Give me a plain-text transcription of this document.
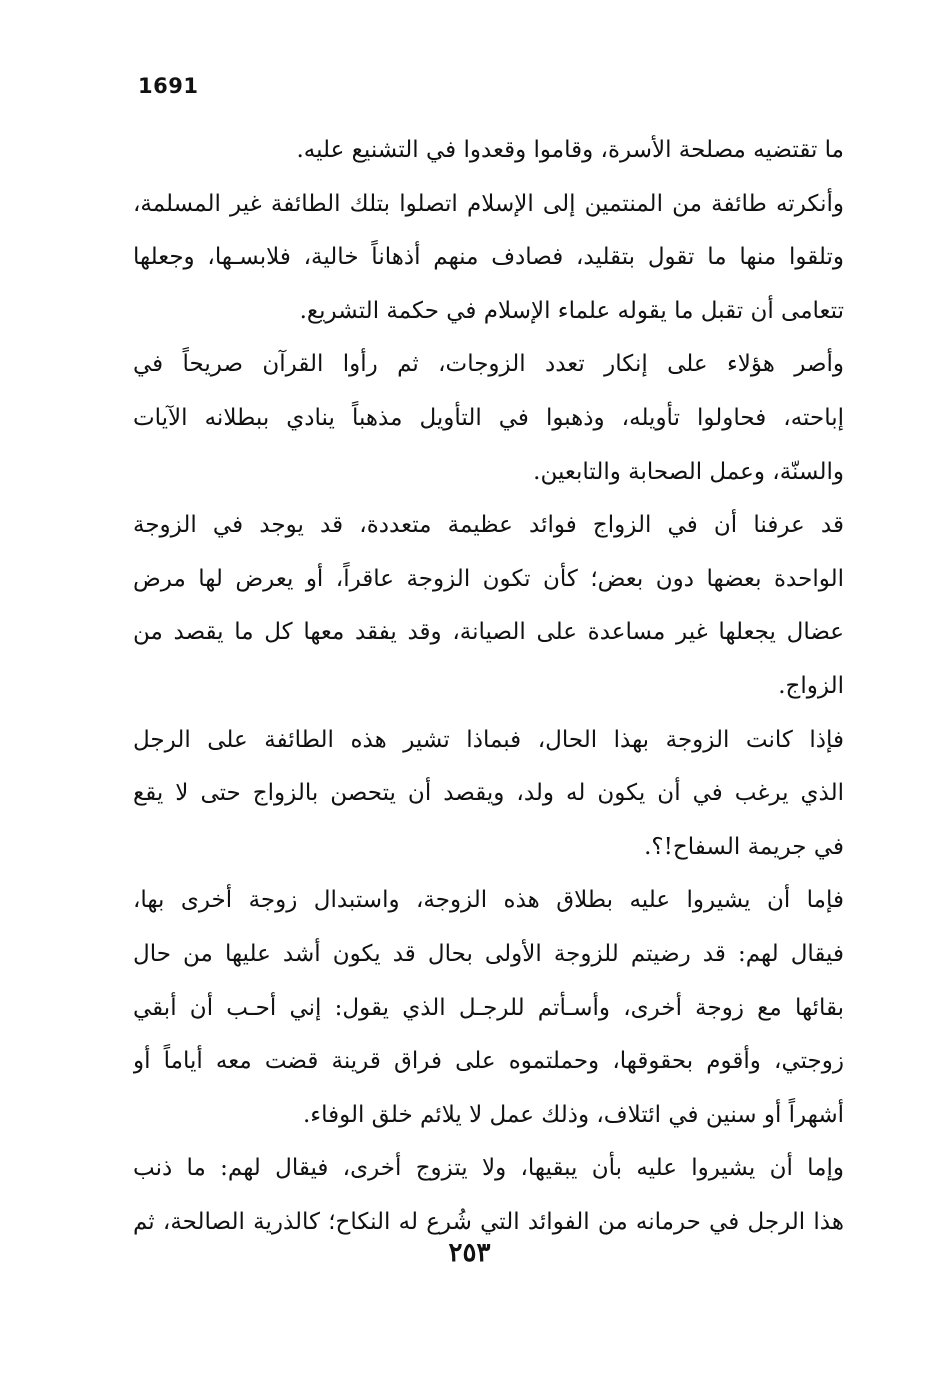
1691
ما تقتضيه مصلحة الأسرة، وقاموا وقعدوا في التشنيع عليه.
وأنكرته طائفة من المنتمين إلى الإسلام اتصلوا بتلك الطائفة غير المسلمة،
وتلقوا منها ما تقول بتقليد، فصادف منهم أذهاناً خالية، فلابسـها، وجعلها
تتعامى أن تقبل ما يقوله علماء الإسلام في حكمة التشريع.
وأصر هؤلاء على إنكار تعدد الزوجات، ثم رأوا القرآن صريحاً في
إباحته، فحاولوا تأويله، وذهبوا في التأويل مذهباً ينادي ببطلانه الآيات
والسنّة، وعمل الصحابة والتابعين.
قد عرفنا أن في الزواج فوائد عظيمة متعددة، قد يوجد في الزوجة
الواحدة بعضها دون بعض؛ كأن تكون الزوجة عاقراً، أو يعرض لها مرض
عضال يجعلها غير مساعدة على الصيانة، وقد يفقد معها كل ما يقصد من
الزواج.
فإذا كانت الزوجة بهذا الحال، فبماذا تشير هذه الطائفة على الرجل
الذي يرغب في أن يكون له ولد، ويقصد أن يتحصن بالزواج حتى لا يقع
في جريمة السفاح!؟.
فإما أن يشيروا عليه بطلاق هذه الزوجة، واستبدال زوجة أخرى بها،
فيقال لهم: قد رضيتم للزوجة الأولى بحال قد يكون أشد عليها من حال
بقائها مع زوجة أخرى، وأسـأتم للرجـل الذي يقول: إني أحـب أن أبقي
زوجتي، وأقوم بحقوقها، وحملتموه على فراق قرينة قضت معه أياماً أو
أشهراً أو سنين في ائتلاف، وذلك عمل لا يلائم خلق الوفاء.
وإما أن يشيروا عليه بأن يبقيها، ولا يتزوج أخرى، فيقال لهم: ما ذنب
هذا الرجل في حرمانه من الفوائد التي شُرع له النكاح؛ كالذرية الصالحة، ثم
٢٥٣
